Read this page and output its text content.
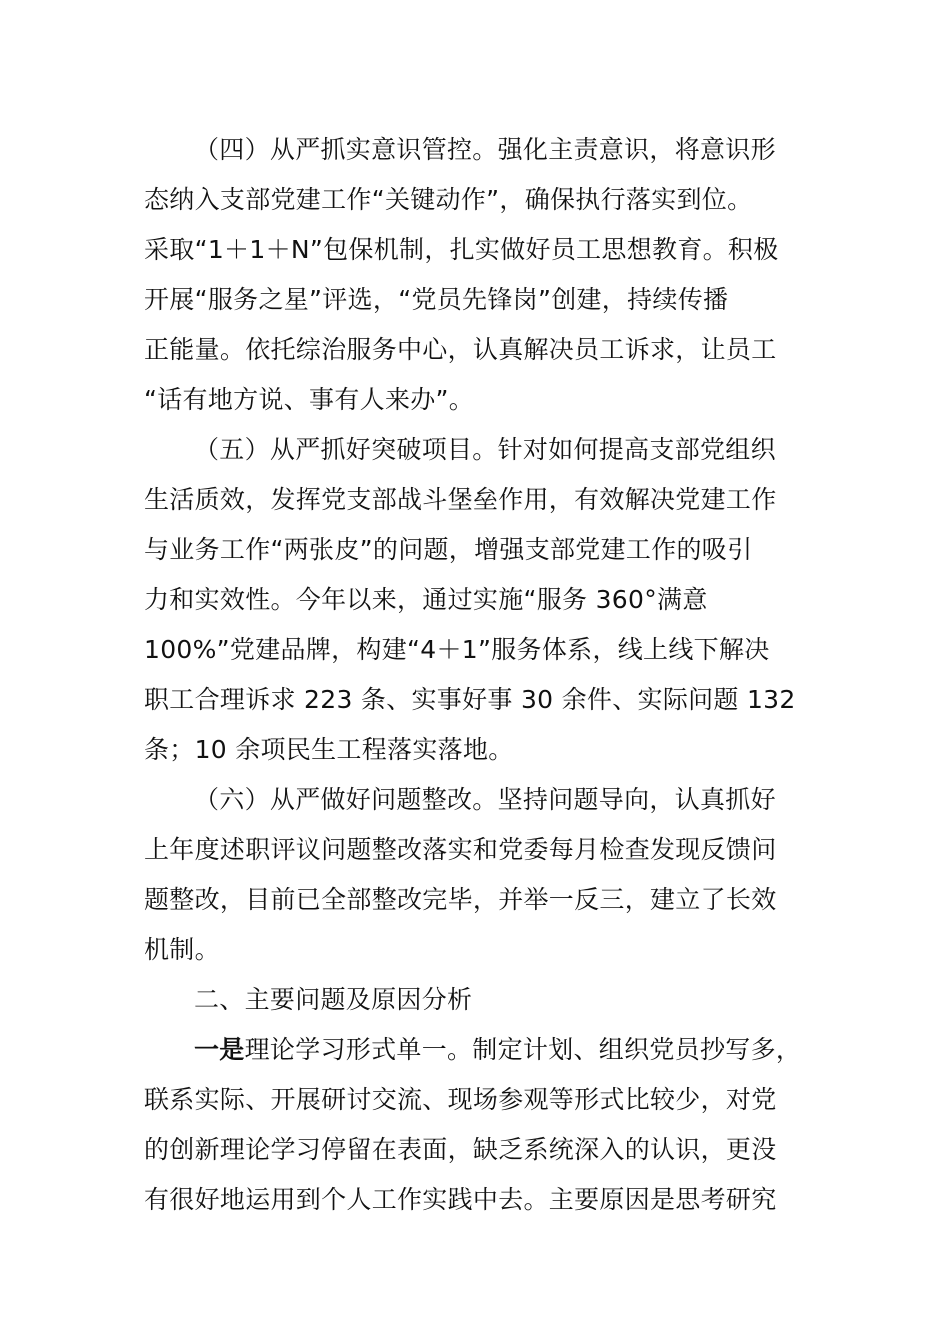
（四）从严抓实意识管控。强化主责意识，将意识形
态纳入支部党建工作“关键动作”，确保执行落实到位。
采取“1＋1＋N”包保机制，扎实做好员工思想教育。积极
开展“服务之星”评选，“党员先锋岗”创建，持续传播
正能量。依托综治服务中心，认真解决员工诉求，让员工
“话有地方说、事有人来办”。
（五）从严抓好突破项目。针对如何提高支部党组织
生活质效，发挥党支部战斗堡垒作用，有效解决党建工作
与业务工作“两张皮”的问题，增强支部党建工作的吸引
力和实效性。今年以来，通过实施“服务 360°满意
100%”党建品牌，构建“4＋1”服务体系，线上线下解决
职工合理诉求 223 条、实事好事 30 余件、实际问题 132
条；10 余项民生工程落实落地。
（六）从严做好问题整改。坚持问题导向，认真抓好
上年度述职评议问题整改落实和党委每月检查发现反馈问
题整改，目前已全部整改完毕，并举一反三，建立了长效
机制。
二、主要问题及原因分析
一是理论学习形式单一。制定计划、组织党员抄写多，
联系实际、开展研讨交流、现场参观等形式比较少，对党
的创新理论学习停留在表面，缺乏系统深入的认识，更没
有很好地运用到个人工作实践中去。主要原因是思考研究
